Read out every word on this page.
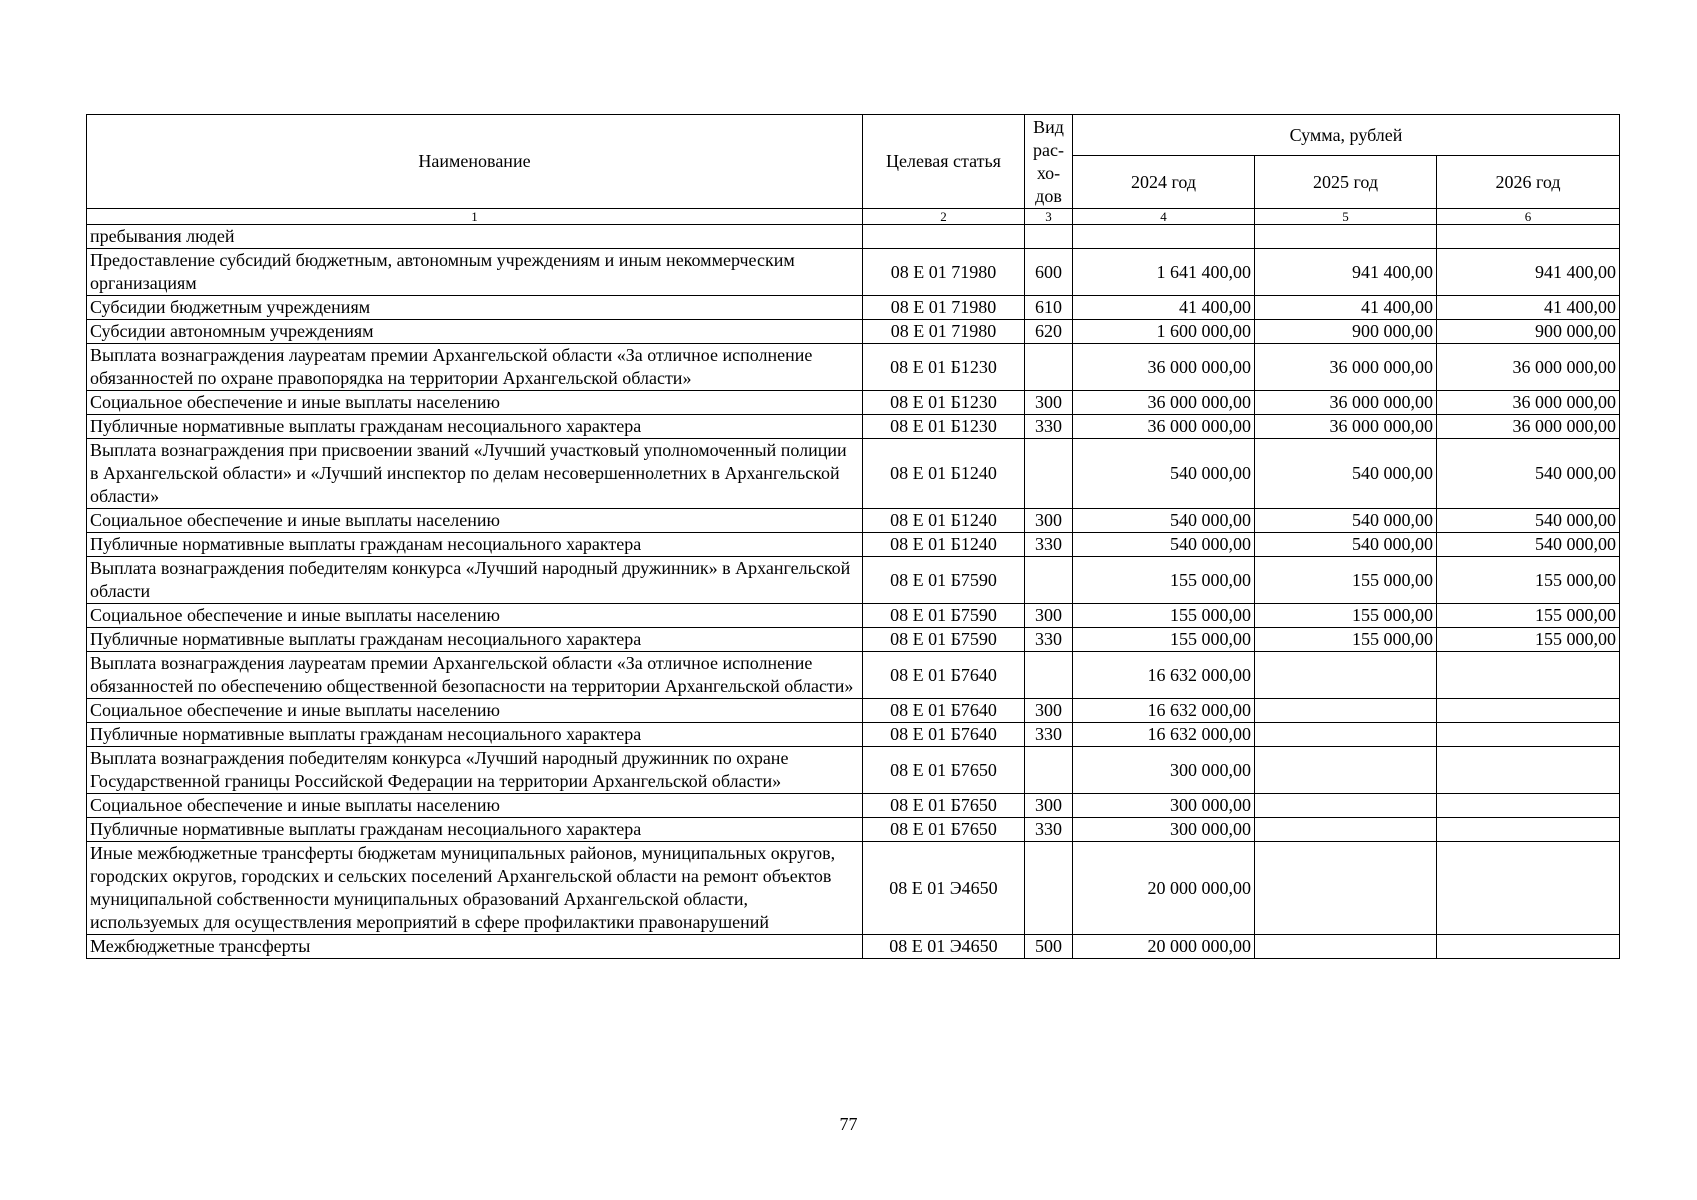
Наименование	Целевая статья	Вид рас-хо-дов	Сумма, рублей		
			2024 год	2025 год	2026 год
1	2	3	4	5	6
пребывания людей					
Предоставление субсидий бюджетным, автономным учреждениям и иным некоммерческим организациям	08 Е 01 71980	600	1 641 400,00	941 400,00	941 400,00
Субсидии бюджетным учреждениям	08 Е 01 71980	610	41 400,00	41 400,00	41 400,00
Субсидии автономным учреждениям	08 Е 01 71980	620	1 600 000,00	900 000,00	900 000,00
Выплата вознаграждения лауреатам премии Архангельской области «За отличное исполнение обязанностей по охране правопорядка на территории Архангельской области»	08 Е 01 Б1230		36 000 000,00	36 000 000,00	36 000 000,00
Социальное обеспечение и иные выплаты населению	08 Е 01 Б1230	300	36 000 000,00	36 000 000,00	36 000 000,00
Публичные нормативные выплаты гражданам несоциального характера	08 Е 01 Б1230	330	36 000 000,00	36 000 000,00	36 000 000,00
Выплата вознаграждения при присвоении званий «Лучший участковый уполномоченный полиции в Архангельской области» и «Лучший инспектор по делам несовершеннолетних в Архангельской области»	08 Е 01 Б1240		540 000,00	540 000,00	540 000,00
Социальное обеспечение и иные выплаты населению	08 Е 01 Б1240	300	540 000,00	540 000,00	540 000,00
Публичные нормативные выплаты гражданам несоциального характера	08 Е 01 Б1240	330	540 000,00	540 000,00	540 000,00
Выплата вознаграждения победителям конкурса «Лучший народный дружинник» в Архангельской области	08 Е 01 Б7590		155 000,00	155 000,00	155 000,00
Социальное обеспечение и иные выплаты населению	08 Е 01 Б7590	300	155 000,00	155 000,00	155 000,00
Публичные нормативные выплаты гражданам несоциального характера	08 Е 01 Б7590	330	155 000,00	155 000,00	155 000,00
Выплата вознаграждения лауреатам премии Архангельской области «За отличное исполнение обязанностей по обеспечению общественной безопасности на территории Архангельской области»	08 Е 01 Б7640		16 632 000,00		
Социальное обеспечение и иные выплаты населению	08 Е 01 Б7640	300	16 632 000,00		
Публичные нормативные выплаты гражданам несоциального характера	08 Е 01 Б7640	330	16 632 000,00		
Выплата вознаграждения победителям конкурса «Лучший народный дружинник по охране Государственной границы Российской Федерации на территории Архангельской области»	08 Е 01 Б7650		300 000,00		
Социальное обеспечение и иные выплаты населению	08 Е 01 Б7650	300	300 000,00		
Публичные нормативные выплаты гражданам несоциального характера	08 Е 01 Б7650	330	300 000,00		
Иные межбюджетные трансферты бюджетам муниципальных районов, муниципальных округов, городских округов, городских и сельских поселений Архангельской области на ремонт объектов муниципальной собственности муниципальных образований Архангельской области, используемых для осуществления мероприятий в сфере профилактики правонарушений	08 Е 01 Э4650		20 000 000,00		
Межбюджетные трансферты	08 Е 01 Э4650	500	20 000 000,00		
77
